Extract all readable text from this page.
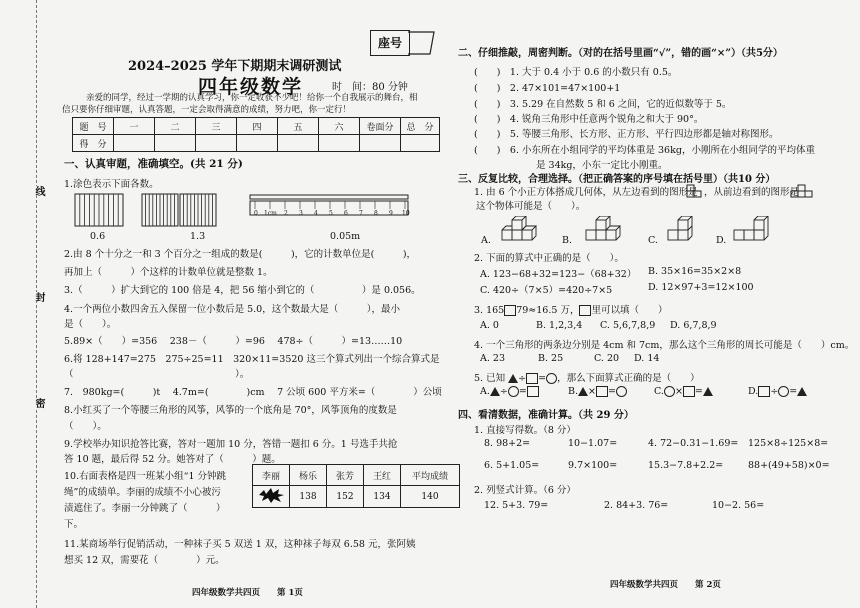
线
封
密
座号
2024–2025 学年下期期末调研测试
四年级数学	时　间：80 分钟
亲爱的同学，经过一学期的认真学习，你一定收获不少吧！给你一个自我展示的舞台，相
信只要你仔细审题，认真答题，一定会取得满意的成绩，努力吧，你一定行！
题　号	一	二	三	四	五	六	卷面分	总　分
得　分								
一、认真审题，准确填空。(共 21 分)
1.涂色表示下面各数。
0 1cm 2 3 4 5 6 7 8 9 10
0.6	1.3	0.05m
2.由 8 个十分之一和 3 个百分之一组成的数是(　　　)，它的计数单位是(　　　)，
再加上（　　　）个这样的计数单位就是整数 1。
3.（　　　）扩大到它的 100 倍是 4，把 56 缩小到它的（　　　　　）是 0.056。
4.一个两位小数四舍五入保留一位小数后是 5.0，这个数最大是（　　　），最小
是（　　）。
5.89×（　　）=356　 238－（　　　）=96　 478÷（　　　）=13……10
6.将 128+147=275　275÷25=11　320×11=3520 这三个算式列出一个综合算式是
（　　　　　　　　　　　　　　　　　）。
7.　980kg=(　　　)t　 4.7m=(　　　　)cm　 7 公顷 600 平方米=（　　　　）公顷
8.小红买了一个等腰三角形的风筝，风筝的一个底角是 70°，风筝顶角的度数是
（　　）。
9.学校举办知识抢答比赛，答对一题加 10 分，答错一题扣 6 分。1 号选手共抢
答 10 题，最后得 52 分。她答对了（　　　）题。
10.右面表格是四一班某小组“1 分钟跳
绳”的成绩单。李丽的成绩不小心被污
渍遮住了。李丽一分钟跳了（　　　）
下。
李丽	杨乐	张芳	王红	平均成绩
	138	152	134	140
11.某商场举行促销活动，一种袜子买 5 双送 1 双，这种袜子每双 6.58 元，张阿姨
想买 12 双，需要花（　　　　）元。
四年级数学共四页　　第 1页
二、仔细推敲，周密判断。（对的在括号里画“√”，错的画“×”）（共5分）
(　　)　1. 大于 0.4 小于 0.6 的小数只有 0.5。
(　　)　2. 47×101=47×100+1
(　　)　3. 5.29 在自然数 5 和 6 之间，它的近似数等于 5。
(　　)　4. 锐角三角形中任意两个锐角之和大于 90°。
(　　)　5. 等腰三角形、长方形、正方形、平行四边形都是轴对称图形。
(　　)　6. 小东所在小组同学的平均体重是 36kg，小刚所在小组同学的平均体重
是 34kg，小东一定比小刚重。
三、反复比较，合理选择。（把正确答案的序号填在括号里）（共10 分）
1. 由 6 个小正方体搭成几何体，从左边看到的图形是 ，从前边看到的图形是
这个物体可能是（　　）。
A.	B.	C.	D.
2. 下面的算式中正确的是（　　）。
A. 123−68+32=123−（68+32） B. 35×16=35×2×8
C. 420÷（7×5）=420÷7×5	D. 12×97+3=12×100
3. 165 79≈16.5 万， 里可以填（　　）
A. 0	B. 1,2,3,4 C. 5,6,7,8,9 D. 6,7,8,9
4. 一个三角形的两条边分别是 4cm 和 7cm，那么这个三角形的周长可能是（　　）cm。
A. 23	B. 25	C. 20 D. 14
5. 已知 ÷ = ，那么下面算式正确的是（　　）
A. ÷ =	B. × =	C. × =	D. ÷ =
四、看清数据，准确计算。（共 29 分）
1. 直接写得数。（8 分）
8. 98+2=	10−1.07=	4. 72−0.31−1.69= 125×8÷125×8=
6. 5+1.05=	9.7×100=	15.3−7.8+2.2=	88+(49+58)×0=
2. 列竖式计算。（6 分）
12. 5+3. 79=	2. 84+3. 76=	10−2. 56=
四年级数学共四页　　第 2页
